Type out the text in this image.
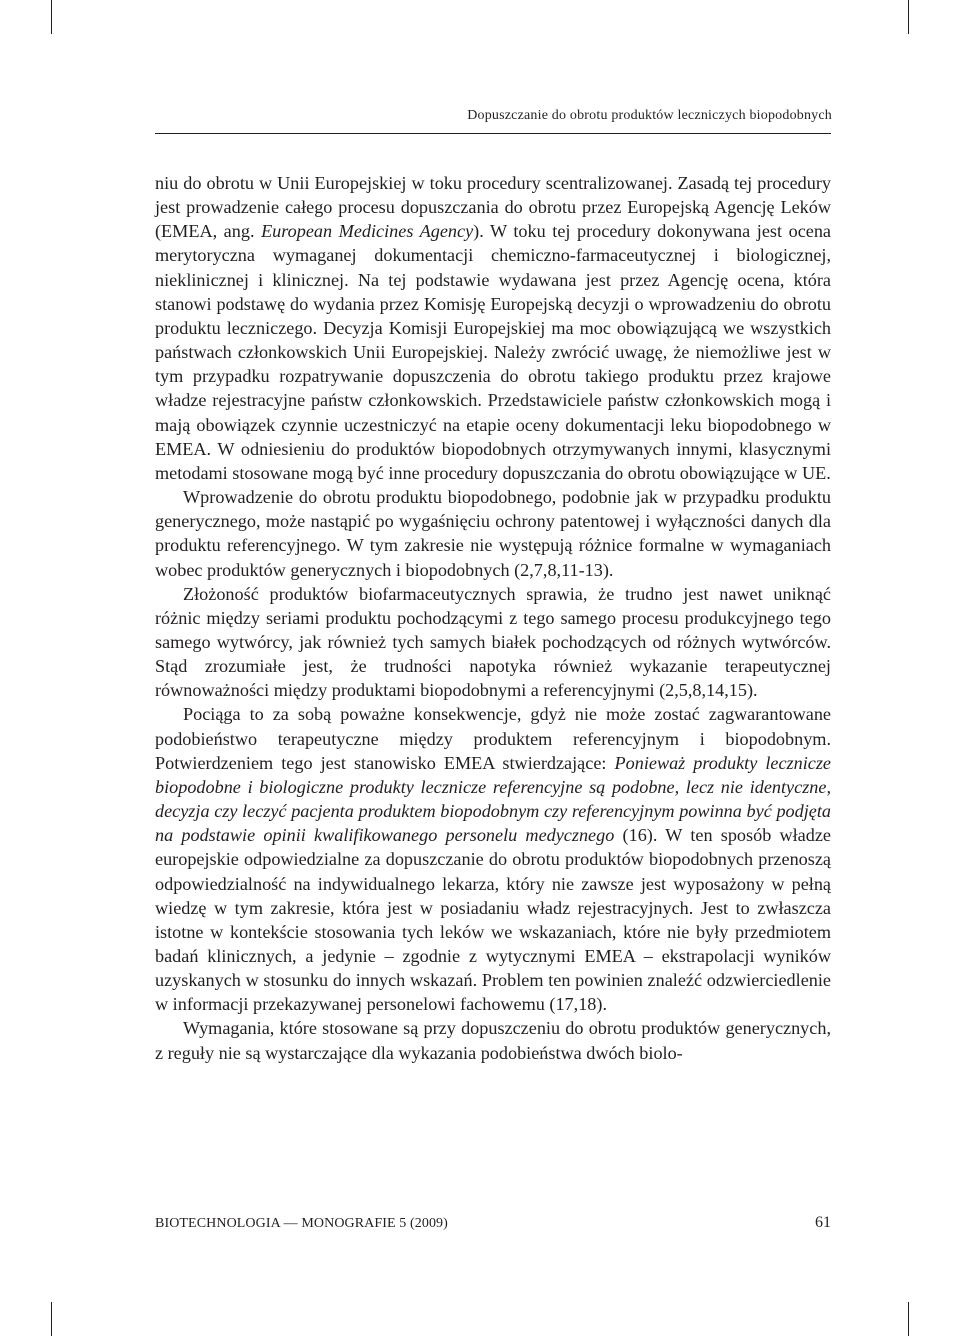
Dopuszczanie do obrotu produktów leczniczych biopodobnych

niu do obrotu w Unii Europejskiej w toku procedury scentralizowanej. Zasadą tej procedury jest prowadzenie całego procesu dopuszczania do obrotu przez Europejską Agencję Leków (EMEA, ang. European Medicines Agency). W toku tej procedury dokonywana jest ocena merytoryczna wymaganej dokumentacji chemiczno-farmaceutycznej i biologicznej, nieklinicznej i klinicznej. Na tej podstawie wydawana jest przez Agencję ocena, która stanowi podstawę do wydania przez Komisję Europejską decyzji o wprowadzeniu do obrotu produktu leczniczego. Decyzja Komisji Europejskiej ma moc obowiązującą we wszystkich państwach członkowskich Unii Europejskiej. Należy zwrócić uwagę, że niemożliwe jest w tym przypadku rozpatrywanie dopuszczenia do obrotu takiego produktu przez krajowe władze rejestracyjne państw członkowskich. Przedstawiciele państw członkowskich mogą i mają obowiązek czynnie uczestniczyć na etapie oceny dokumentacji leku biopodobnego w EMEA. W odniesieniu do produktów biopodobnych otrzymywanych innymi, klasycznymi metodami stosowane mogą być inne procedury dopuszczania do obrotu obowiązujące w UE.

Wprowadzenie do obrotu produktu biopodobnego, podobnie jak w przypadku produktu generycznego, może nastąpić po wygaśnięciu ochrony patentowej i wyłączności danych dla produktu referencyjnego. W tym zakresie nie występują różnice formalne w wymaganiach wobec produktów generycznych i biopodobnych (2,7,8,11-13).

Złożoność produktów biofarmaceutycznych sprawia, że trudno jest nawet uniknąć różnic między seriami produktu pochodzącymi z tego samego procesu produkcyjnego tego samego wytwórcy, jak również tych samych białek pochodzących od różnych wytwórców. Stąd zrozumiałe jest, że trudności napotyka również wykazanie terapeutycznej równoważności między produktami biopodobnymi a referencyjnymi (2,5,8,14,15).

Pociąga to za sobą poważne konsekwencje, gdyż nie może zostać zagwarantowane podobieństwo terapeutyczne między produktem referencyjnym i biopodobnym. Potwierdzeniem tego jest stanowisko EMEA stwierdzające: Ponieważ produkty lecznicze biopodobne i biologiczne produkty lecznicze referencyjne są podobne, lecz nie identyczne, decyzja czy leczyć pacjenta produktem biopodobnym czy referencyjnym powinna być podjęta na podstawie opinii kwalifikowanego personelu medycznego (16). W ten sposób władze europejskie odpowiedzialne za dopuszczanie do obrotu produktów biopodobnych przenoszą odpowiedzialność na indywidualnego lekarza, który nie zawsze jest wyposażony w pełną wiedzę w tym zakresie, która jest w posiadaniu władz rejestracyjnych. Jest to zwłaszcza istotne w kontekście stosowania tych leków we wskazaniach, które nie były przedmiotem badań klinicznych, a jedynie – zgodnie z wytycznymi EMEA – ekstrapolacji wyników uzyskanych w stosunku do innych wskazań. Problem ten powinien znaleźć odzwierciedlenie w informacji przekazywanej personelowi fachowemu (17,18).

Wymagania, które stosowane są przy dopuszczeniu do obrotu produktów generycznych, z reguły nie są wystarczające dla wykazania podobieństwa dwóch biolo-

BIOTECHNOLOGIA — MONOGRAFIE 5 (2009)	61
